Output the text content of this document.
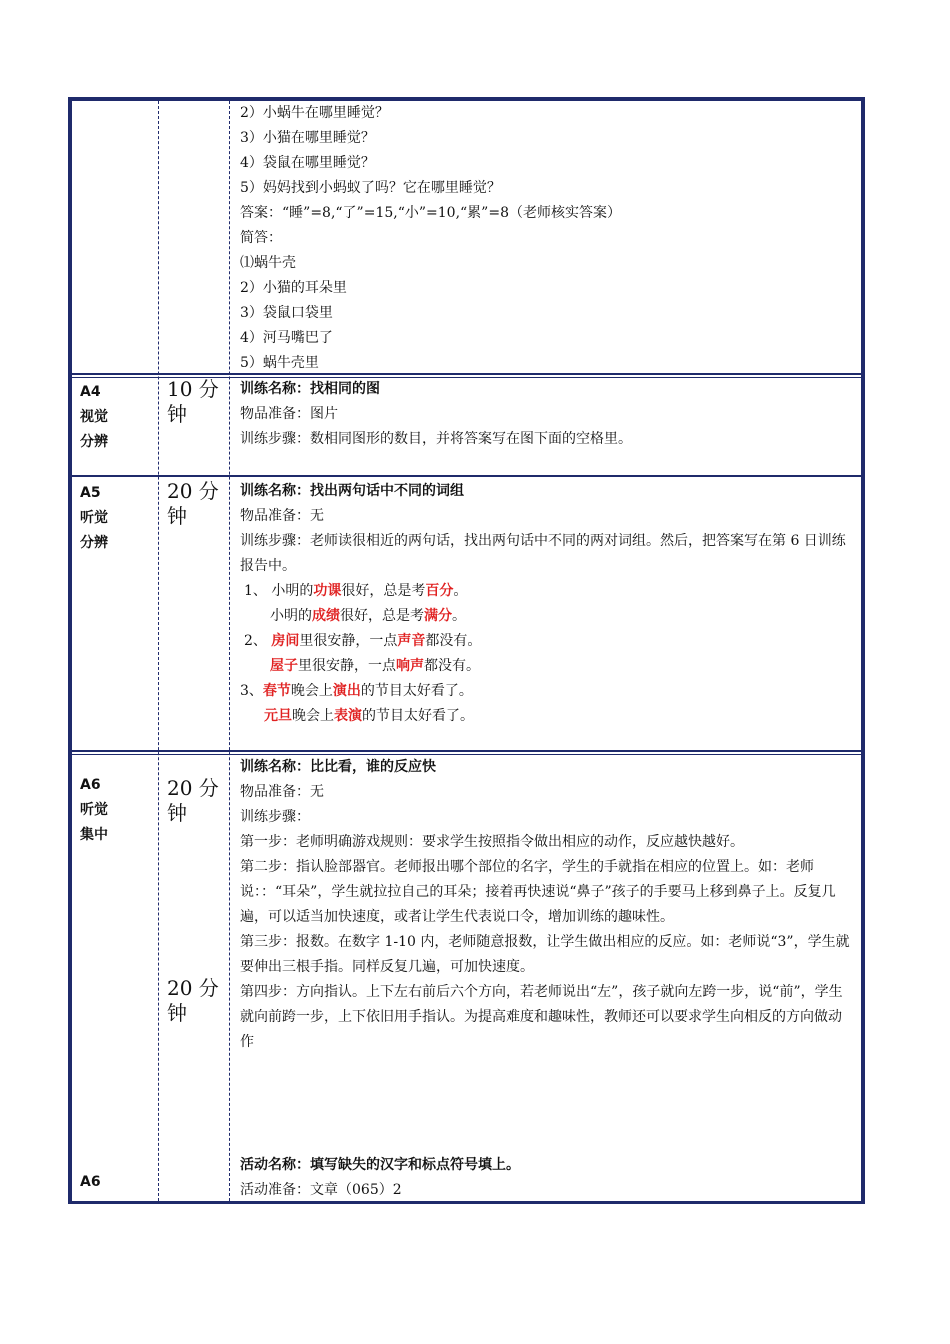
2）小蜗牛在哪里睡觉？

3）小猫在哪里睡觉？

4）袋鼠在哪里睡觉？

5）妈妈找到小蚂蚁了吗？它在哪里睡觉？

答案：“睡”=8,“了”=15,“小”=10,“累”=8（老师核实答案）

简答：

⑴蜗牛壳

2）小猫的耳朵里

3）袋鼠口袋里

4）河马嘴巴了

5）蜗牛壳里

A4
视觉
分辨
10 分
钟

训练名称：找相同的图

物品准备：图片

训练步骤：数相同图形的数目，并将答案写在图下面的空格里。

A5
听觉
分辨
20 分
钟

训练名称：找出两句话中不同的词组

物品准备：无

训练步骤：老师读很相近的两句话，找出两句话中不同的两对词组。然后，把答案写在第 6 日训练报告中。

1、 小明的功课很好，总是考百分。

小明的成绩很好，总是考满分。

2、 房间里很安静，一点声音都没有。

屋子里很安静，一点响声都没有。

3、春节晚会上演出的节目太好看了。

元旦晚会上表演的节目太好看了。

A6
听觉
集中
20 分
钟
20 分
钟

训练名称：比比看，谁的反应快

物品准备：无

训练步骤：

第一步：老师明确游戏规则：要求学生按照指令做出相应的动作，反应越快越好。

第二步：指认脸部器官。老师报出哪个部位的名字，学生的手就指在相应的位置上。如：老师说：：“耳朵”，学生就拉拉自己的耳朵；接着再快速说“鼻子”孩子的手要马上移到鼻子上。反复几遍，可以适当加快速度，或者让学生代表说口令，增加训练的趣味性。

第三步：报数。在数字 1-10 内，老师随意报数，让学生做出相应的反应。如：老师说“3”，学生就要伸出三根手指。同样反复几遍，可加快速度。

第四步：方向指认。上下左右前后六个方向，若老师说出“左”，孩子就向左跨一步，说“前”，学生就向前跨一步，上下依旧用手指认。为提高难度和趣味性，教师还可以要求学生向相反的方向做动作

A6

活动名称：填写缺失的汉字和标点符号填上。

活动准备：文章（065）2
